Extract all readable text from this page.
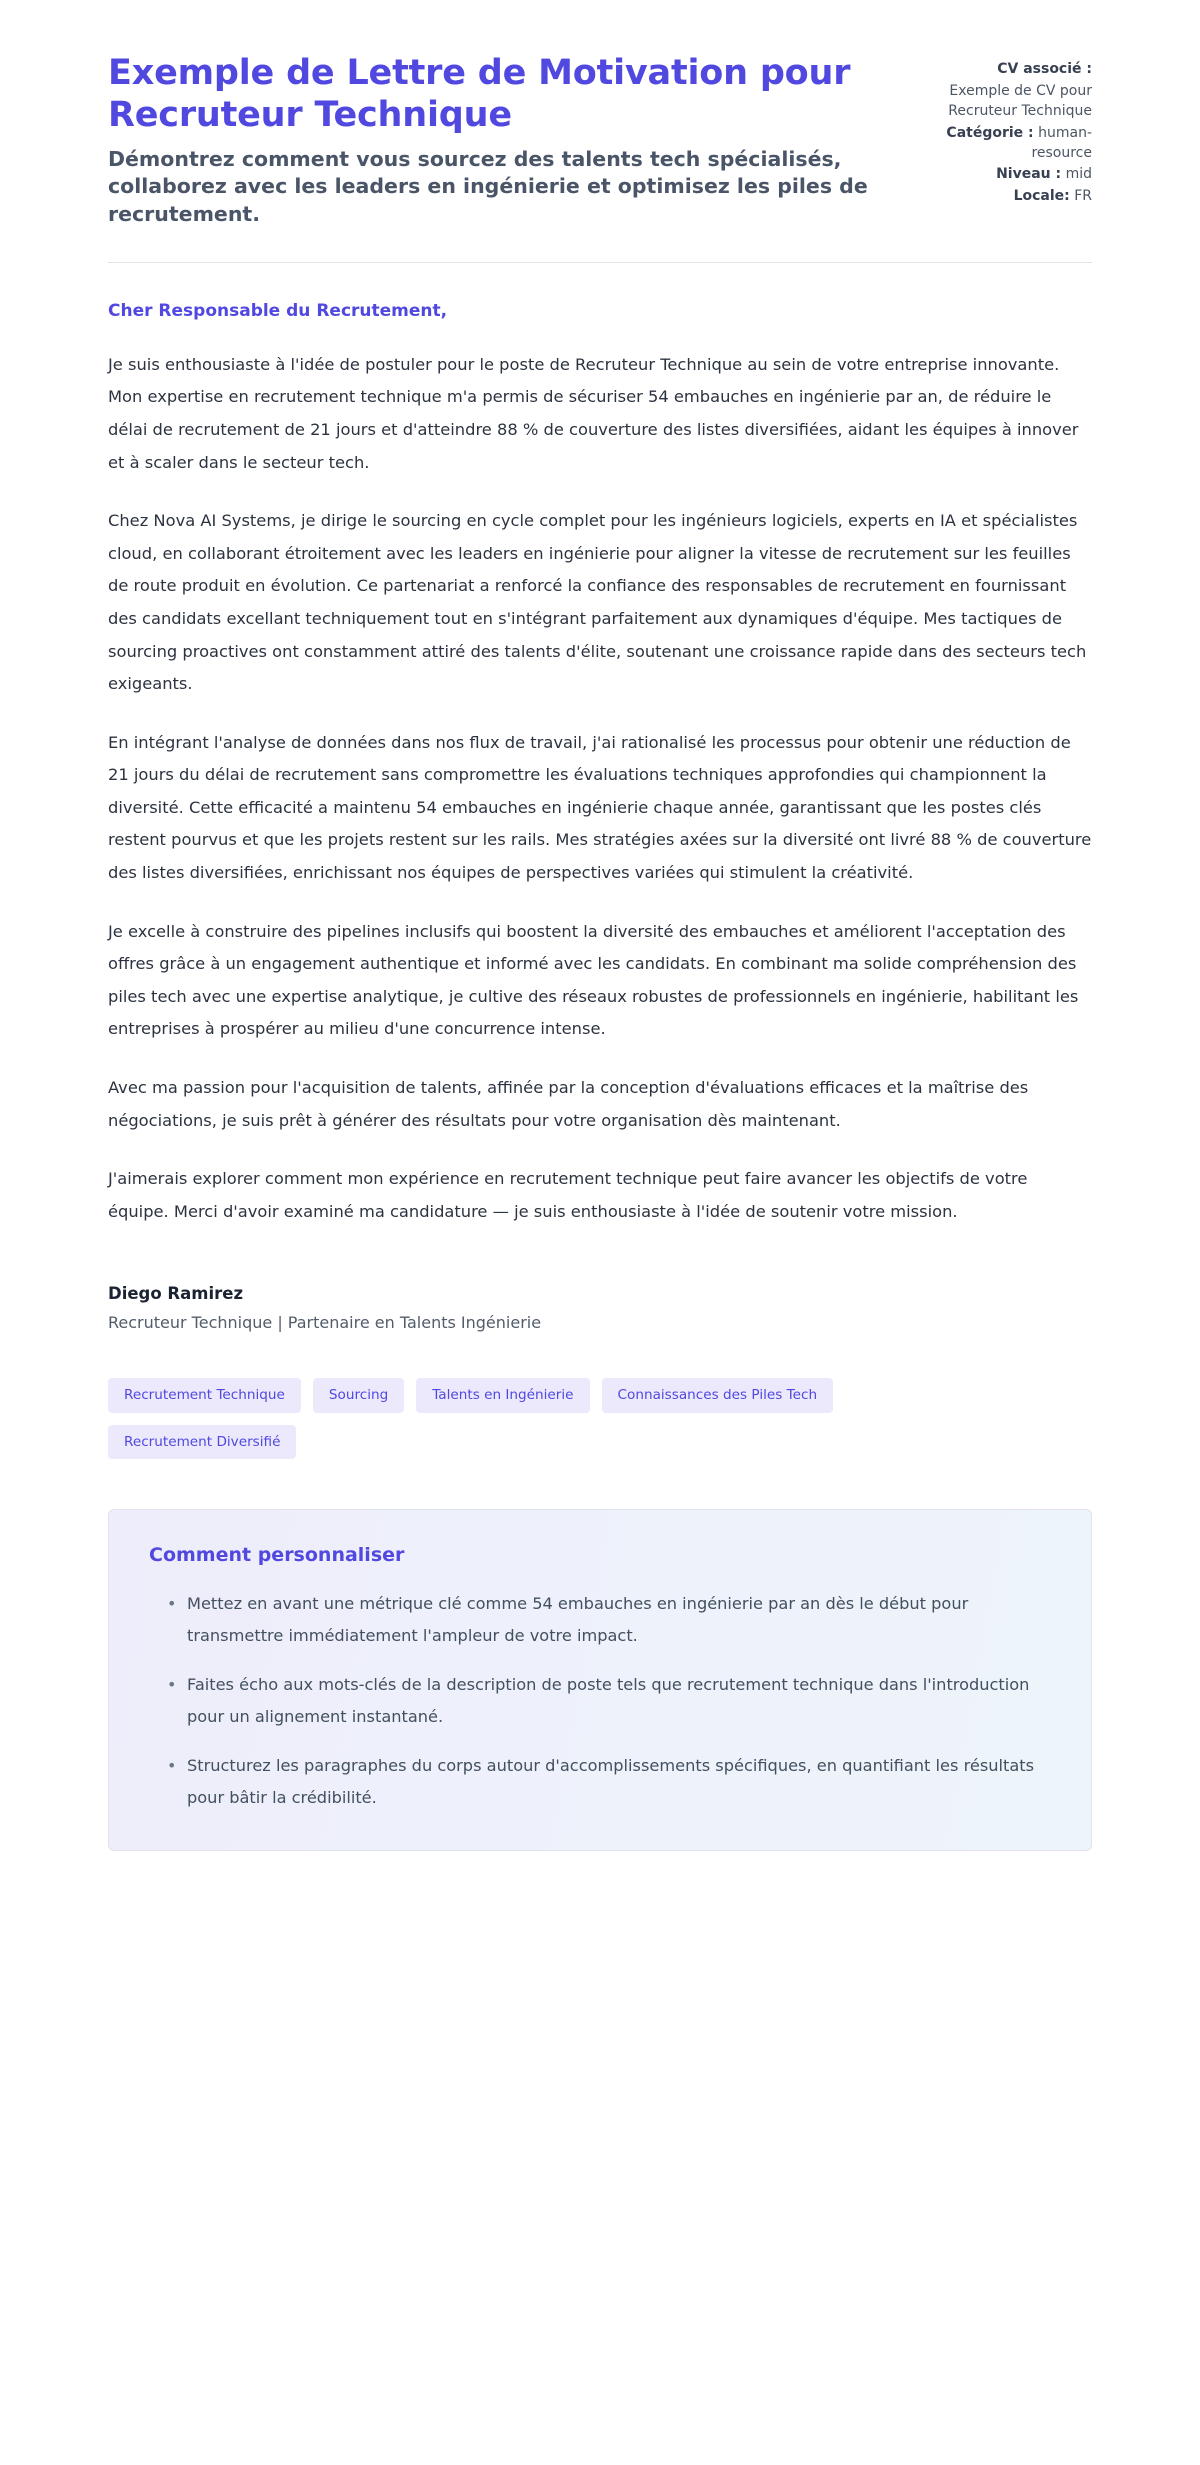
Exemple de Lettre de Motivation pour Recruteur Technique

Démontrez comment vous sourcez des talents tech spécialisés, collaborez avec les leaders en ingénierie et optimisez les piles de recrutement.

CV associé :
Exemple de CV pour Recruteur Technique
Catégorie : human-resource
Niveau : mid
Locale: FR

Cher Responsable du Recrutement,

Je suis enthousiaste à l'idée de postuler pour le poste de Recruteur Technique au sein de votre entreprise innovante. Mon expertise en recrutement technique m'a permis de sécuriser 54 embauches en ingénierie par an, de réduire le délai de recrutement de 21 jours et d'atteindre 88 % de couverture des listes diversifiées, aidant les équipes à innover et à scaler dans le secteur tech.

Chez Nova AI Systems, je dirige le sourcing en cycle complet pour les ingénieurs logiciels, experts en IA et spécialistes cloud, en collaborant étroitement avec les leaders en ingénierie pour aligner la vitesse de recrutement sur les feuilles de route produit en évolution. Ce partenariat a renforcé la confiance des responsables de recrutement en fournissant des candidats excellant techniquement tout en s'intégrant parfaitement aux dynamiques d'équipe. Mes tactiques de sourcing proactives ont constamment attiré des talents d'élite, soutenant une croissance rapide dans des secteurs tech exigeants.

En intégrant l'analyse de données dans nos flux de travail, j'ai rationalisé les processus pour obtenir une réduction de 21 jours du délai de recrutement sans compromettre les évaluations techniques approfondies qui championnent la diversité. Cette efficacité a maintenu 54 embauches en ingénierie chaque année, garantissant que les postes clés restent pourvus et que les projets restent sur les rails. Mes stratégies axées sur la diversité ont livré 88 % de couverture des listes diversifiées, enrichissant nos équipes de perspectives variées qui stimulent la créativité.

Je excelle à construire des pipelines inclusifs qui boostent la diversité des embauches et améliorent l'acceptation des offres grâce à un engagement authentique et informé avec les candidats. En combinant ma solide compréhension des piles tech avec une expertise analytique, je cultive des réseaux robustes de professionnels en ingénierie, habilitant les entreprises à prospérer au milieu d'une concurrence intense.

Avec ma passion pour l'acquisition de talents, affinée par la conception d'évaluations efficaces et la maîtrise des négociations, je suis prêt à générer des résultats pour votre organisation dès maintenant.

J'aimerais explorer comment mon expérience en recrutement technique peut faire avancer les objectifs de votre équipe. Merci d'avoir examiné ma candidature — je suis enthousiaste à l'idée de soutenir votre mission.

Diego Ramirez

Recruteur Technique | Partenaire en Talents Ingénierie

Recrutement Technique	Sourcing	Talents en Ingénierie	Connaissances des Piles Tech
Recrutement Diversifié
Comment personnaliser
• Mettez en avant une métrique clé comme 54 embauches en ingénierie par an dès le début pour transmettre immédiatement l'ampleur de votre impact.
• Faites écho aux mots-clés de la description de poste tels que recrutement technique dans l'introduction pour un alignement instantané.
• Structurez les paragraphes du corps autour d'accomplissements spécifiques, en quantifiant les résultats pour bâtir la crédibilité.
